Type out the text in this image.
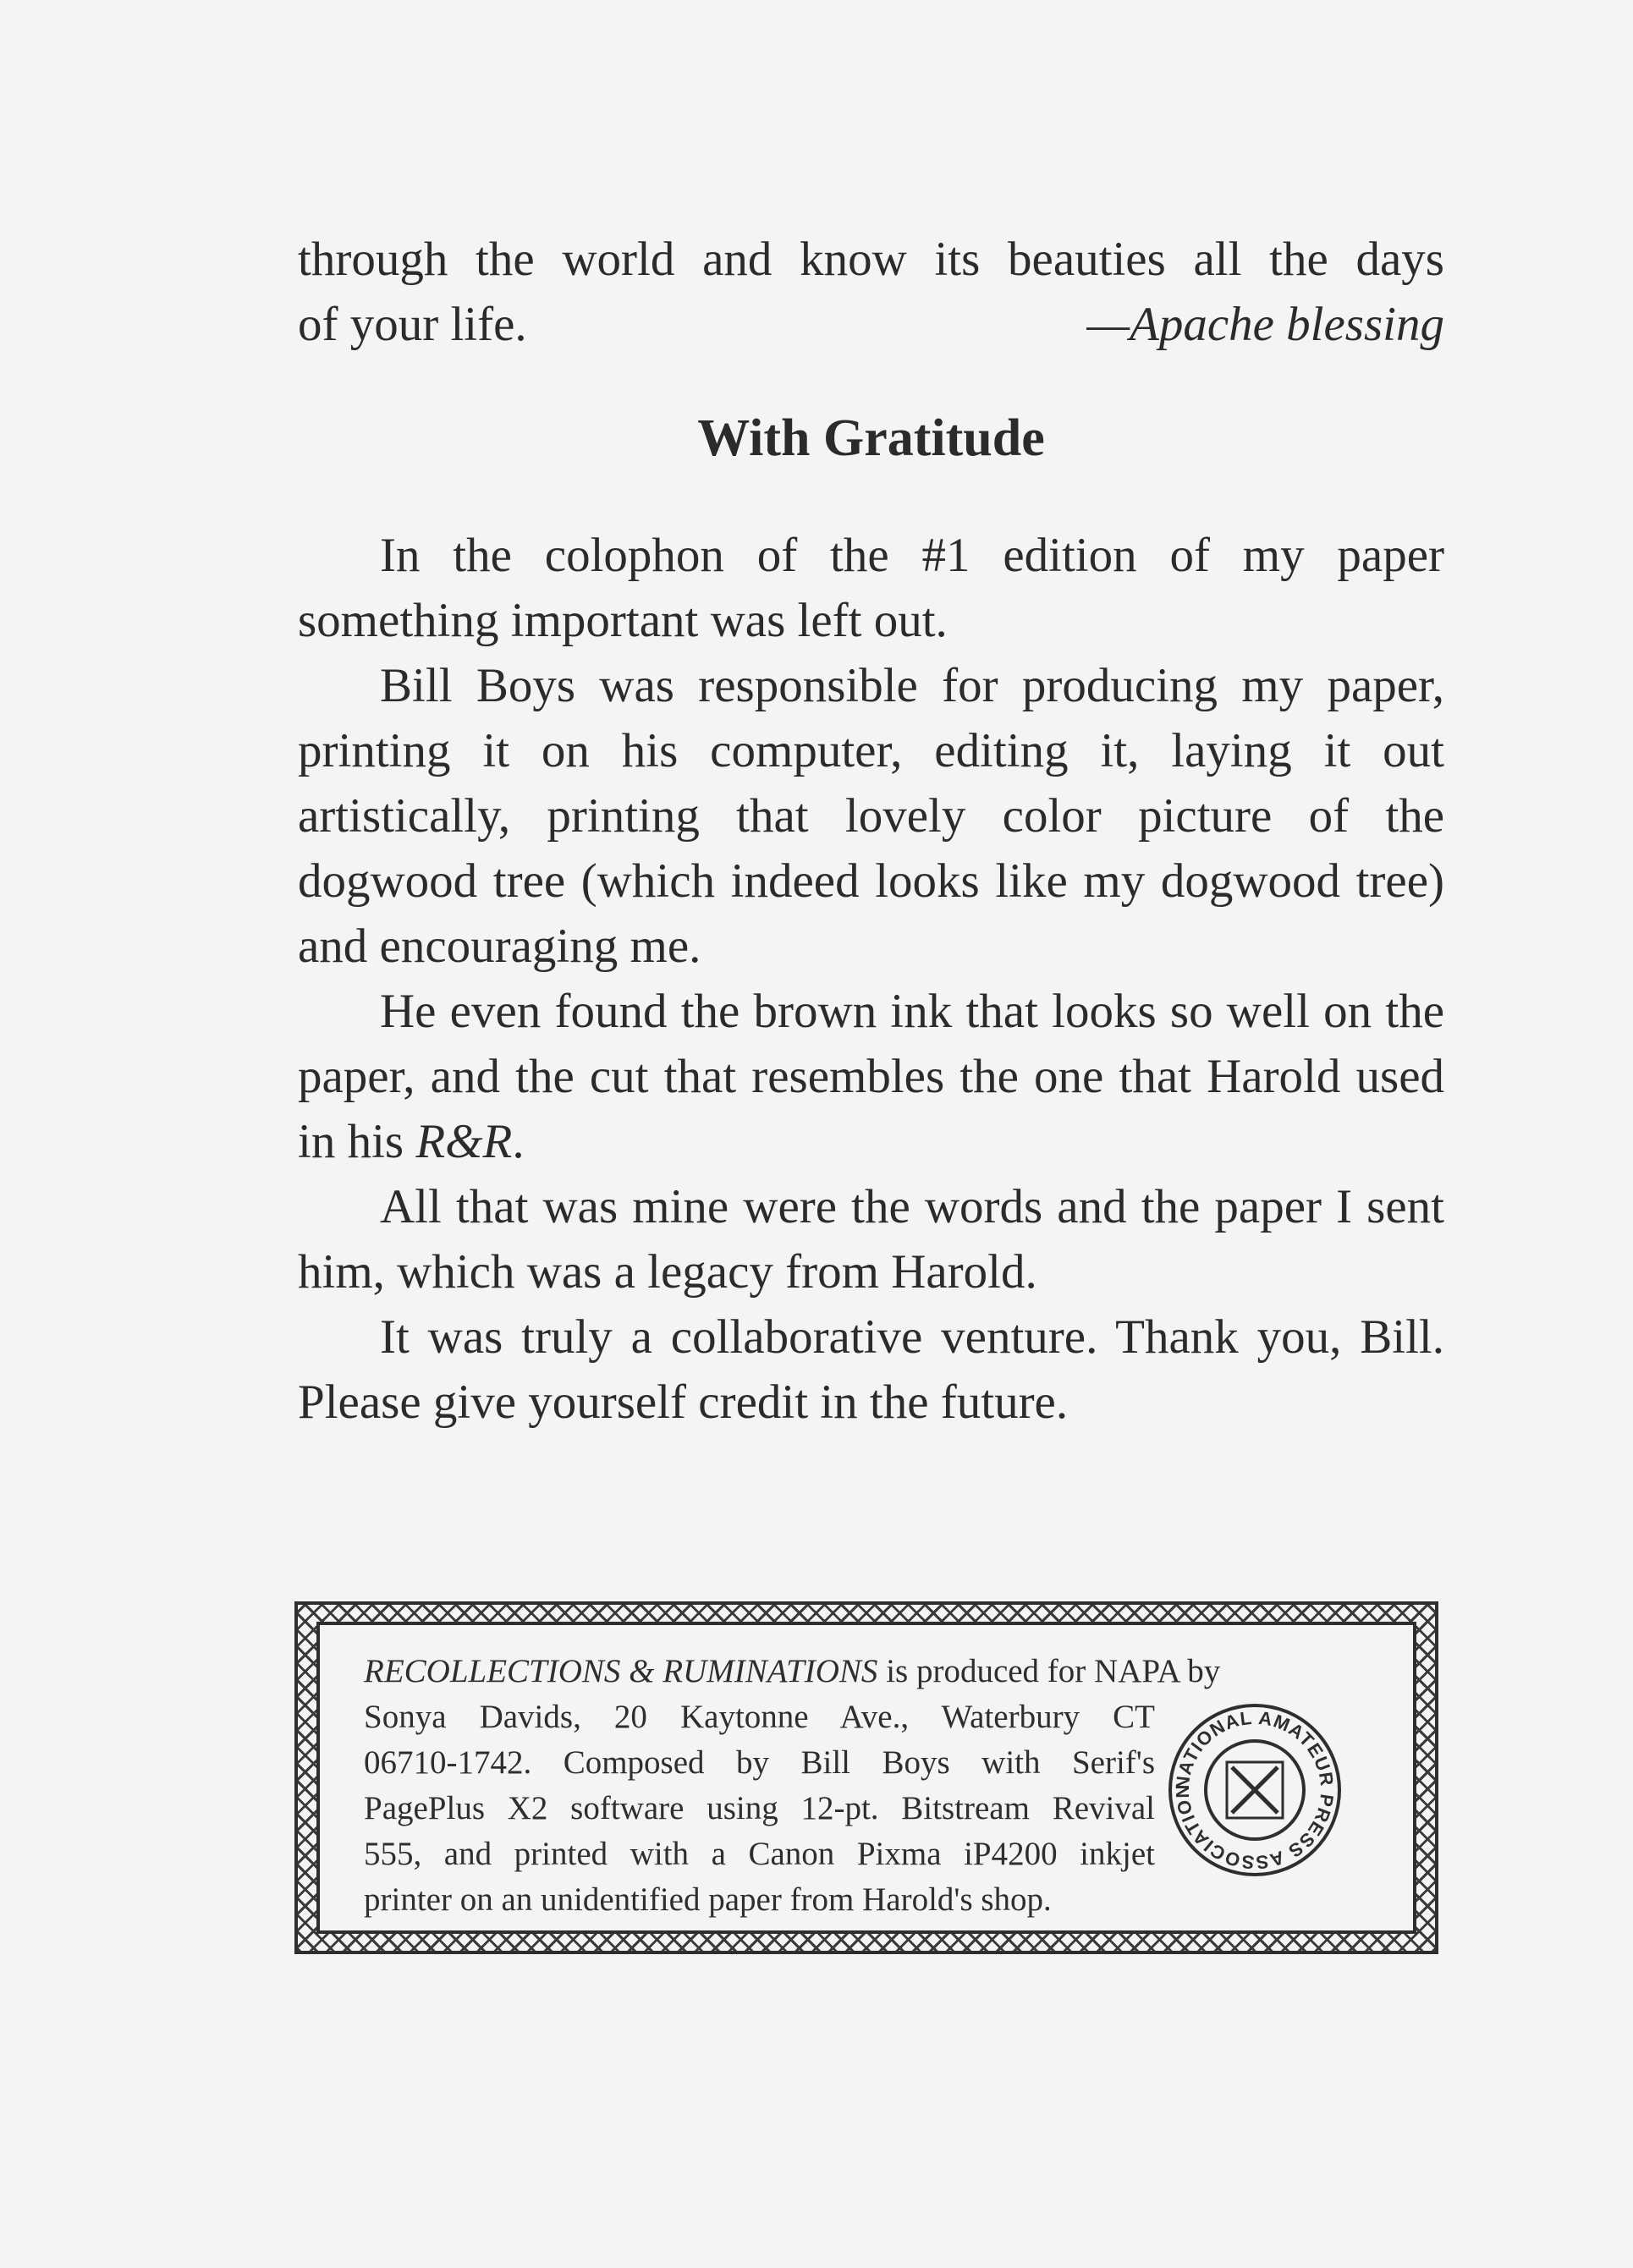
through the world and know its beauties all the days
of your life.	—Apache blessing
With Gratitude

In the colophon of the #1 edition of my paper something important was left out.

Bill Boys was responsible for producing my paper, printing it on his computer, editing it, laying it out artistically, printing that lovely color picture of the dogwood tree (which indeed looks like my dogwood tree) and encouraging me.

He even found the brown ink that looks so well on the paper, and the cut that resembles the one that Harold used in his R&R.

All that was mine were the words and the paper I sent him, which was a legacy from Harold.

It was truly a collaborative venture. Thank you, Bill. Please give yourself credit in the future.

RECOLLECTIONS & RUMINATIONS is produced for NAPA by
Sonya Davids, 20 Kaytonne Ave., Waterbury CT
06710-1742. Composed by Bill Boys with Serif's
PagePlus X2 software using 12-pt. Bitstream Revival
555, and printed with a Canon Pixma iP4200 inkjet
printer on an unidentified paper from Harold's shop.
NATIONAL AMATEUR PRESS ASSOCIATION
